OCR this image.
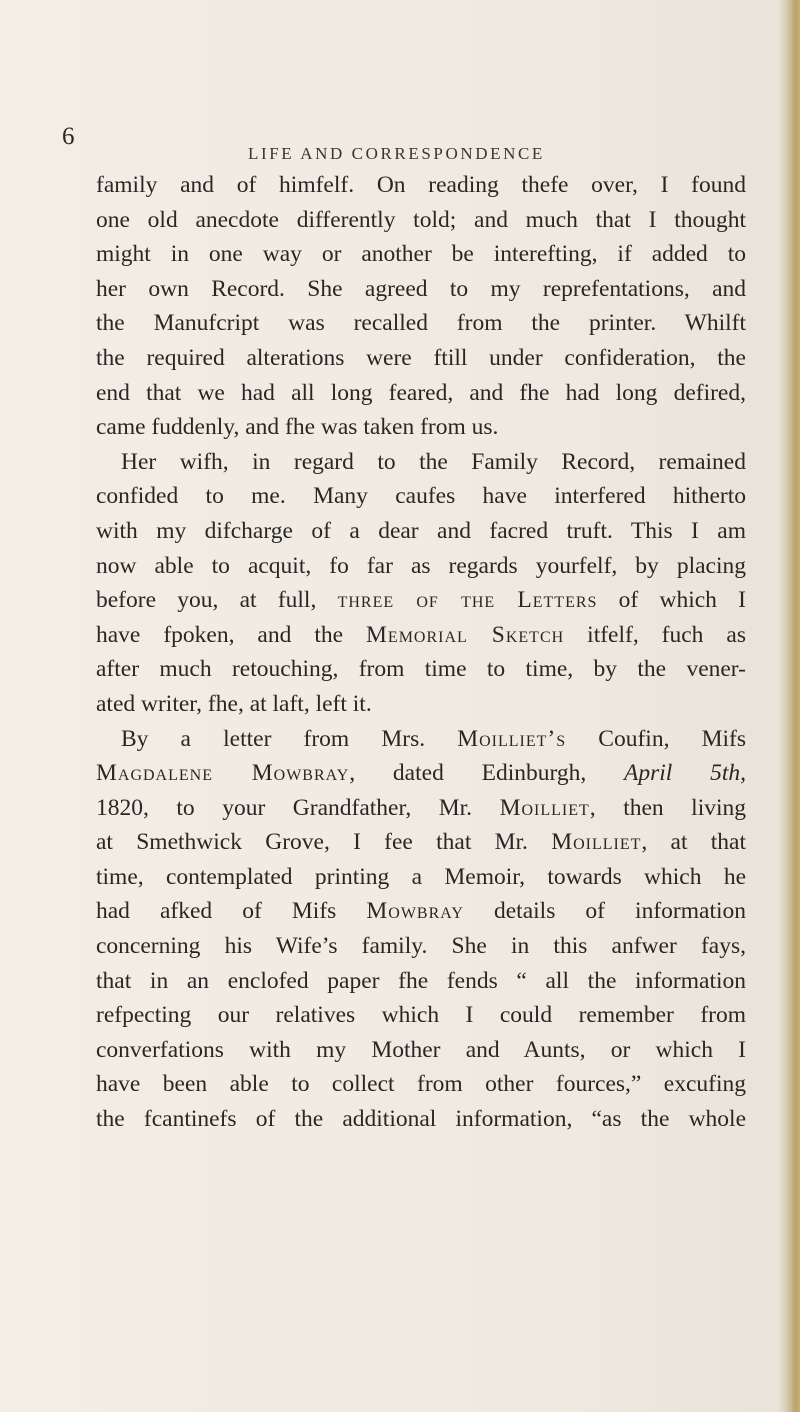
6
LIFE AND CORRESPONDENCE
family and of himfelf. On reading thefe over, I found
one old anecdote differently told; and much that I thought
might in one way or another be interefting, if added to
her own Record. She agreed to my reprefentations, and
the Manufcript was recalled from the printer. Whilft
the required alterations were ftill under confideration, the
end that we had all long feared, and fhe had long defired,
came fuddenly, and fhe was taken from us.
Her wifh, in regard to the Family Record, remained
confided to me. Many caufes have interfered hitherto
with my difcharge of a dear and facred truft. This I am
now able to acquit, fo far as regards yourfelf, by placing
before you, at full, three of the Letters of which I
have fpoken, and the Memorial Sketch itfelf, fuch as
after much retouching, from time to time, by the vener-
ated writer, fhe, at laft, left it.
By a letter from Mrs. Moilliet’s Coufin, Mifs
Magdalene Mowbray, dated Edinburgh, April 5th,
1820, to your Grandfather, Mr. Moilliet, then living
at Smethwick Grove, I fee that Mr. Moilliet, at that
time, contemplated printing a Memoir, towards which he
had afked of Mifs Mowbray details of information
concerning his Wife’s family. She in this anfwer fays,
that in an enclofed paper fhe fends “ all the information
refpecting our relatives which I could remember from
converfations with my Mother and Aunts, or which I
have been able to collect from other fources,” excufing
the fcantinefs of the additional information, “as the whole
